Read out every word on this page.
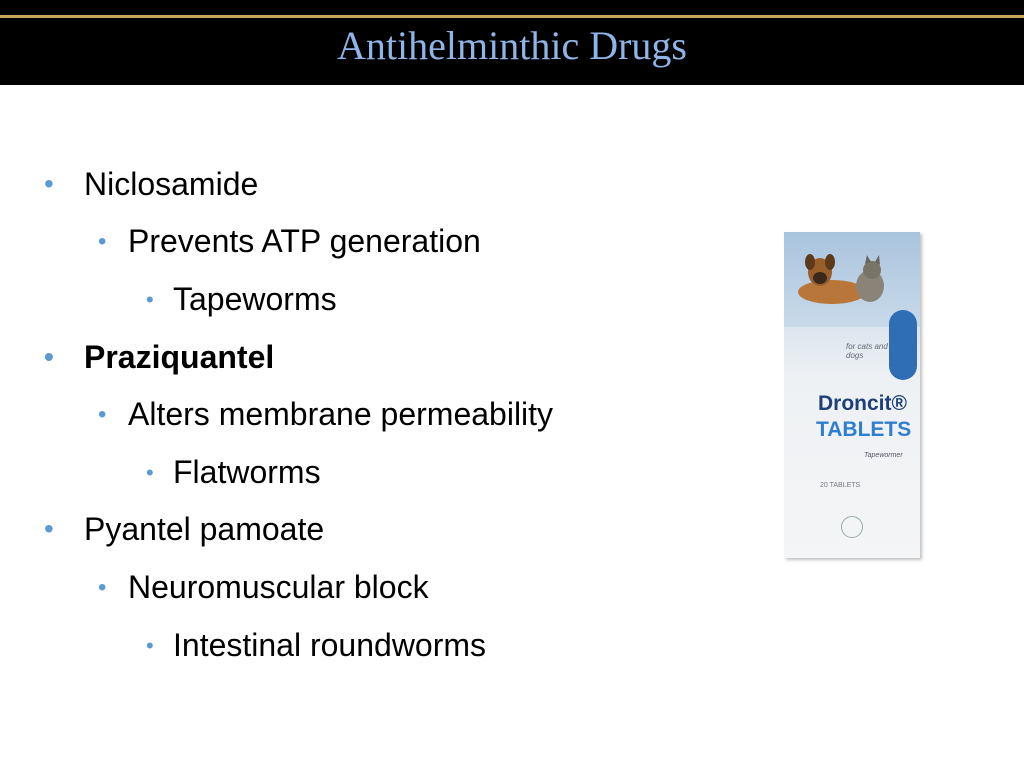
Antihelminthic Drugs
• Niclosamide
• Prevents ATP generation
• Tapeworms
• Praziquantel
• Alters membrane permeability
• Flatworms
• Pyantel pamoate
• Neuromuscular block
• Intestinal roundworms
for cats and dogs
Droncit®
TABLETS
Tapewormer
20 TABLETS
